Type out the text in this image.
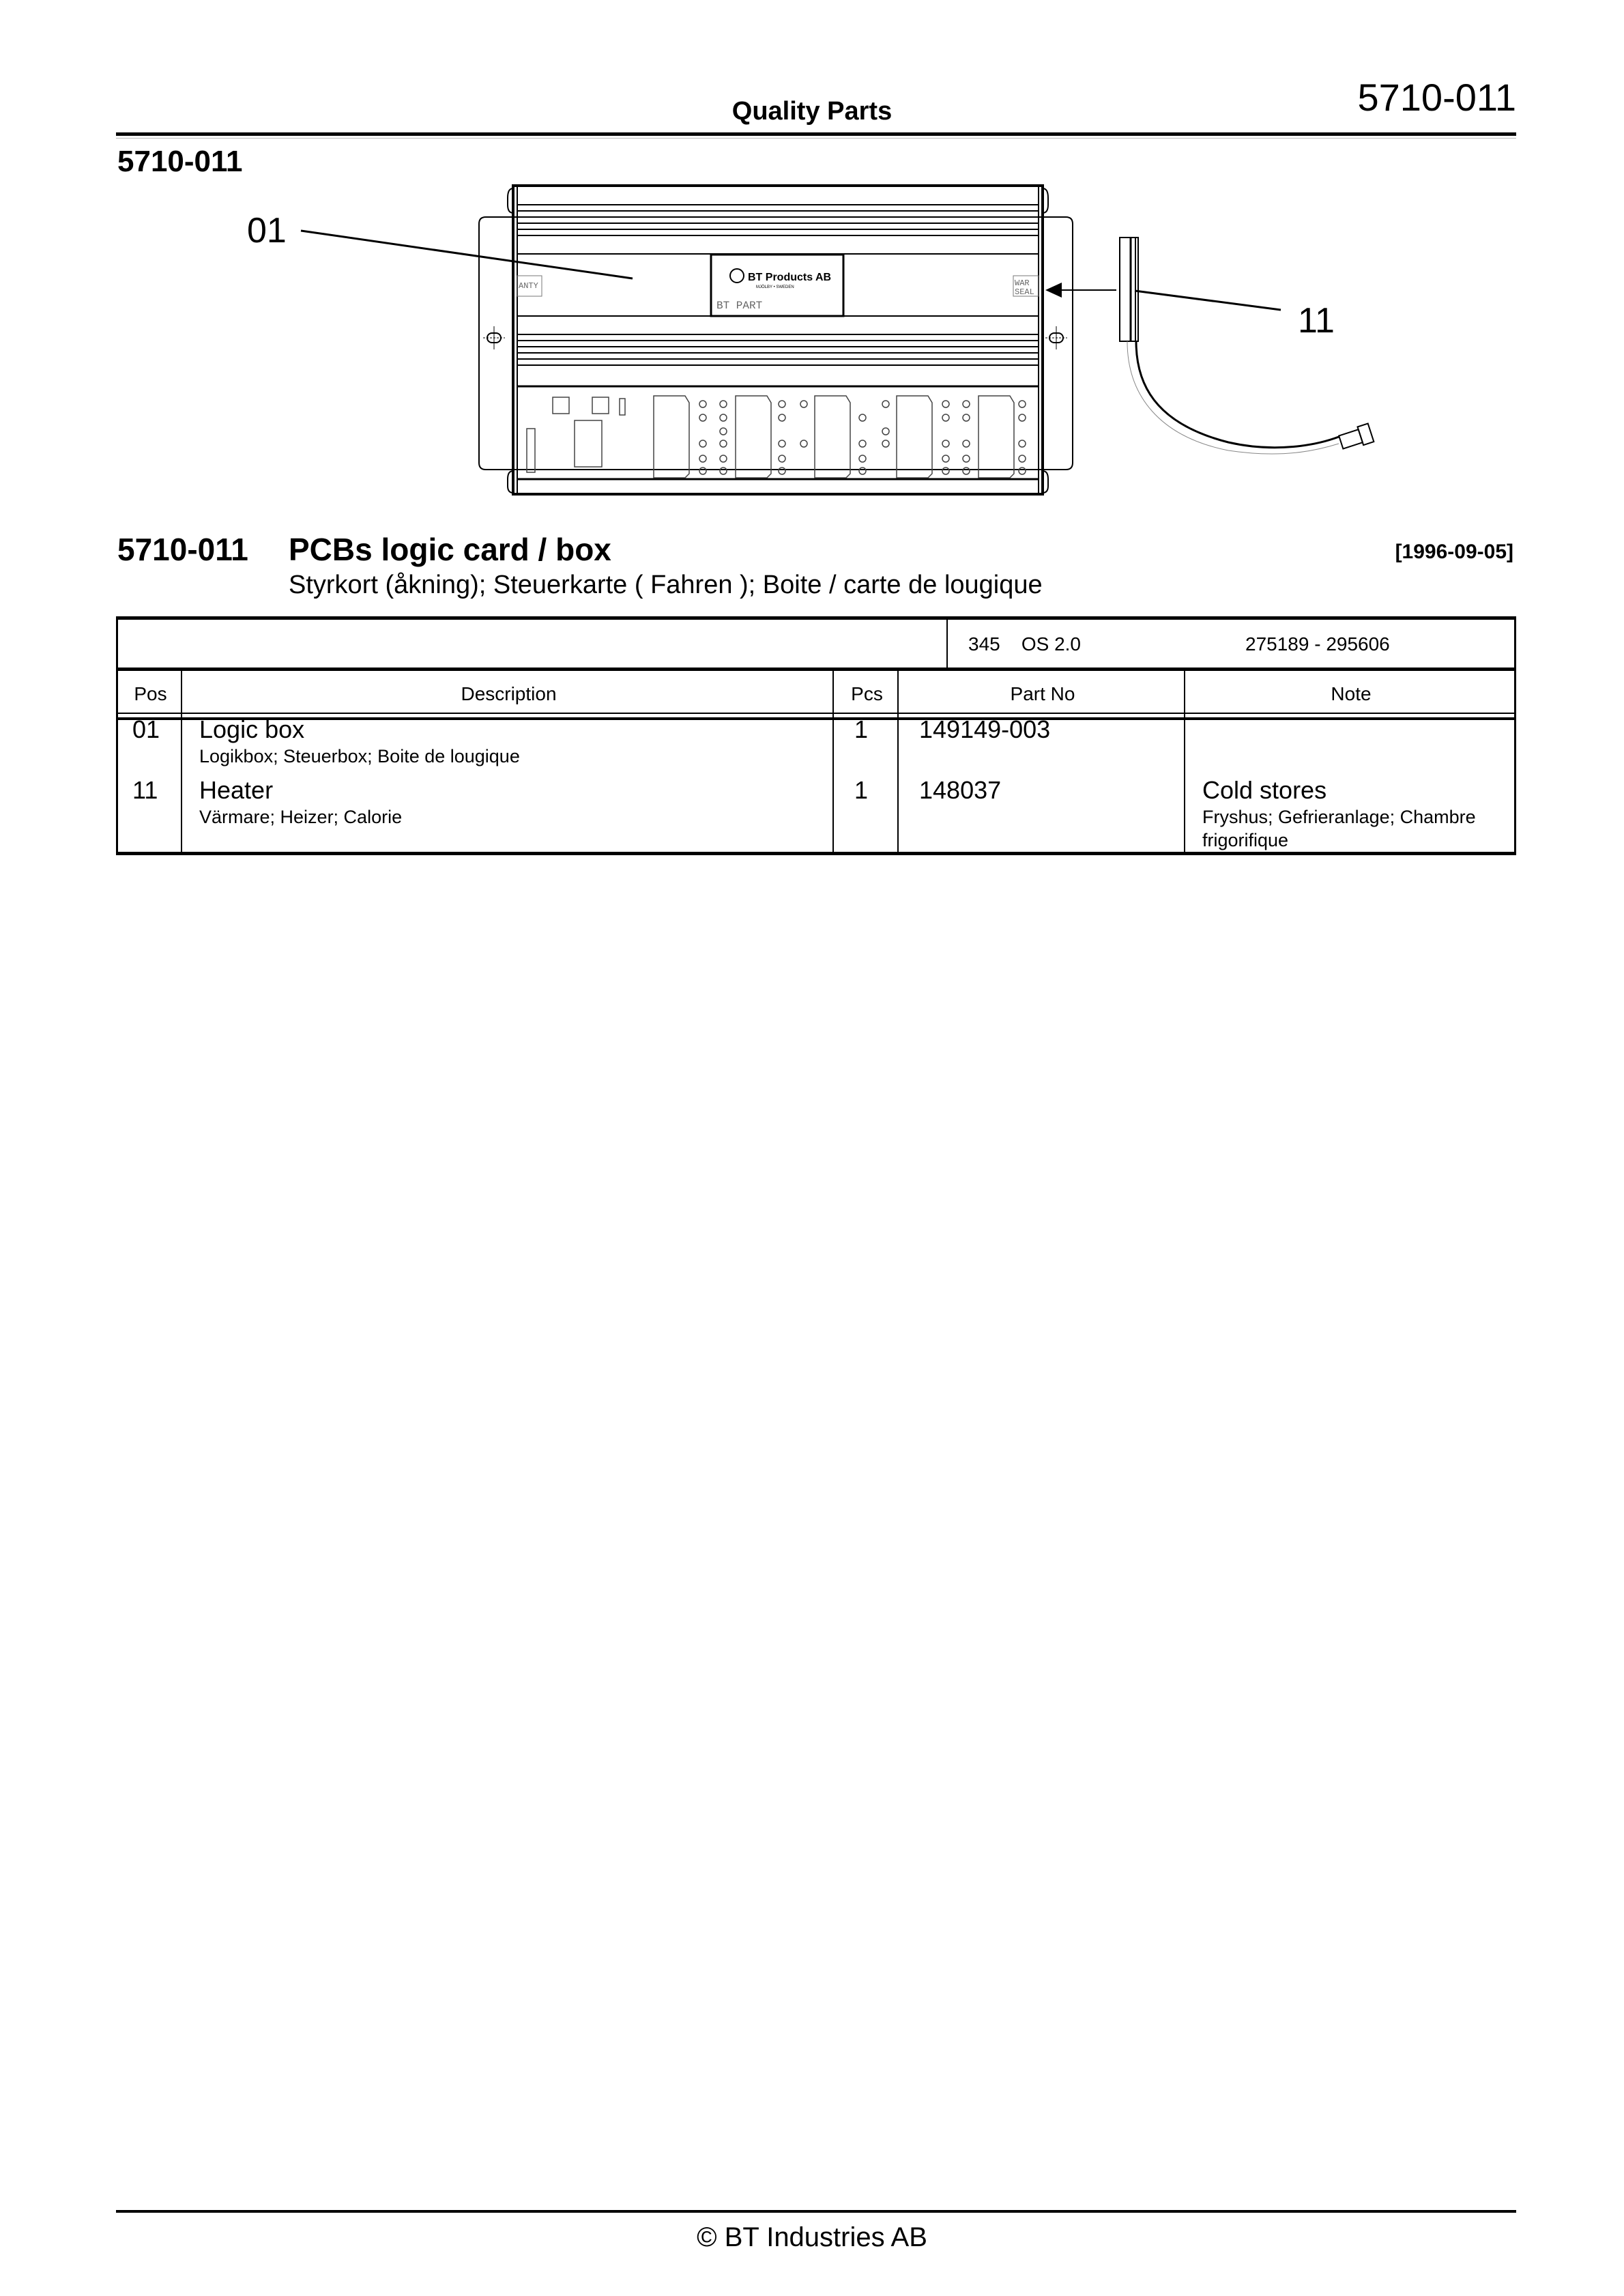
Quality Parts	5710-011
5710-011
01
11
BT Products AB
MJÖLBY • SWEDEN
BT PART
ANTY	WAR
SEAL
5710-011 PCBs logic card / box	[1996-09-05]
Styrkort (åkning); Steuerkarte ( Fahren ); Boite / carte de lougique
345    OS 2.0	275189 - 295606
Pos	Description	Pcs	Part No	Note
01 Logic box
Logikbox; Steuerbox; Boite de lougique
1 149149-003
11 Heater
Värmare; Heizer; Calorie
1 148037	Cold stores
Fryshus; Gefrieranlage; Chambre frigorifique
© BT Industries AB
